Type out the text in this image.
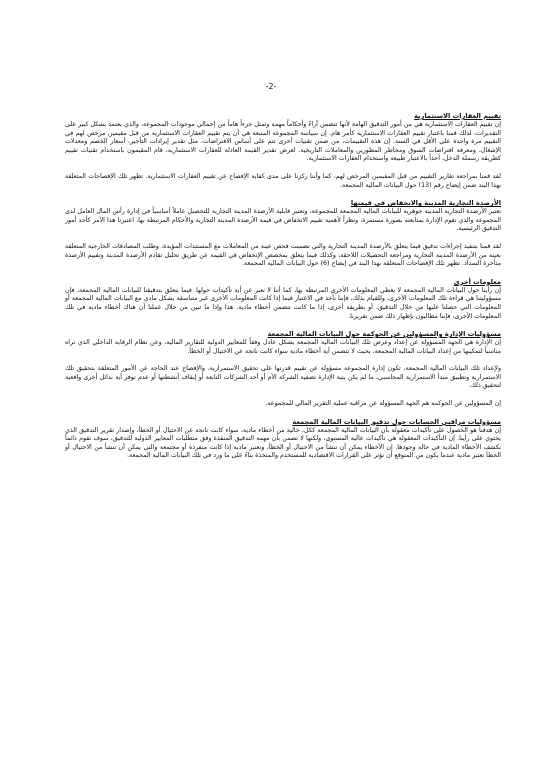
-2-
تقييم العقارات الاستثمارية

إن تقييم العقارات الاستثمارية هي من أمور التدقيق الهامة لأنها تتضمن آراءً وأحكاماً مهمة وتمثل جزءاً هاماً من إجمالي موجودات المجموعة، والذي يعتمد بشكل كبير على التقديرات، لذلك قمنا باعتبار تقييم العقارات الاستثمارية كأمر هام. إن سياسة المجموعة المتبعة هي أن يتم تقييم العقارات الاستثمارية من قبل مقيمين مرخص لهم في التقييم مرة واحدة على الأقل في السنة. إن هذه التقييمات، من ضمن تقنيات أخرى تتم على أساس الافتراضات، مثل تقدير إيرادات التأجير، أسعار الخصم ومعدلات الإشغال، ومعرفة افتراضات السوق ومخاطر المطورين والمعاملات التاريخية. لغرض تقدير القيمة العادلة للعقارات الاستثمارية، قام المقيمون باستخدام تقنيات تقييم كطريقة رسملة الدخل، أخذاً بالاعتبار طبيعة واستخدام العقارات الاستثمارية.

لقد قمنا بمراجعة تقارير التقييم من قبل المقيمين المرخص لهم، كما وأننا ركزنا على مدى كفاية الإفصاح عن تقييم العقارات الاستثمارية. تظهر تلك الإفصاحات المتعلقة بهذا البند ضمن إيضاح رقم (13) حول البيانات المالية المجمعة.

الأرصدة التجارية المدينة والانخفاض في قيمتها

تعتبر الأرصدة التجارية المدينة جوهرية للبيانات المالية المجمعة للمجموعة، وتعتبر قابلية الأرصدة المدينة التجارية للتحصيل عاملاً أساسياً في إدارة رأس المال العامل لدى المجموعة والذي تقوم الإدارة بمتابعته بصورة مستمرة، ونظراً لأهمية تقييم الانخفاض في قيمة الأرصدة المدينة التجارية والأحكام المرتبطة بها، اعتبرنا هذا الأمر كأحد أمور التدقيق الرئيسية.

لقد قمنا بتنفيذ إجراءات تدقيق فيما يتعلق بالأرصدة المدينة التجارية والتي تضمنت فحص عينة من المعاملات مع المستندات المؤيدة، وطلب المصادقات الخارجية المتعلقة بعينة من الأرصدة المدينة التجارية ومراجعة التحصيلات اللاحقة، وكذلك فيما يتعلق بمخصص الإنخفاض في القيمة عن طريق تحليل تقادم الأرصدة المدينة وتقييم الأرصدة متأخرة السداد. تظهر تلك الإفصاحات المتعلقة بهذا البند في إيضاح (6) حول البيانات المالية المجمعة.

معلومات أخرى

إن رأينا حول البيانات المالية المجمعة لا يغطي المعلومات الأخرى المرتبطة بها، كما أننا لا نعبر عن أية تأكيدات حولها. فيما يتعلق بتدقيقنا للبيانات المالية المجمعة، فإن مسؤوليتنا هي قراءة تلك المعلومات الأخرى، وللقيام بذلك، فإننا نأخذ في الاعتبار فيما إذا كانت المعلومات الأخرى غير متناسقة بشكل مادي مع البيانات المالية المجمعة أو المعلومات التي حصلنا عليها من خلال التدقيق، أو بطريقة أخرى، إذا ما كانت تتضمن أخطاء مادية. هذا وإذا ما تبين من خلال عملنا أن هناك أخطاء مادية في تلك المعلومات الأخرى، فإننا مطالبون بإظهار ذلك ضمن تقريرنا.

مسؤوليات الإدارة والمسؤولين عن الحوكمة حول البيانات المالية المجمعة

إن الإدارة هي الجهة المسؤولة عن إعداد وعرض تلك البيانات المالية المجمعة بشكل عادل وفقاً للمعايير الدولية للتقارير المالية، وعن نظام الرقابة الداخلي الذي تراه مناسباً لتمكينها من إعداد البيانات المالية المجمعة، بحيث لا تتضمن أية أخطاء مادية سواء كانت ناتجة عن الاحتيال أو الخطأ.

ولإعداد تلك البيانات المالية المجمعة، تكون إدارة المجموعة مسؤولة عن تقييم قدرتها على تحقيق الاستمرارية، والإفصاح عند الحاجة عن الأمور المتعلقة بتحقيق تلك الاستمرارية وتطبيق مبدأ الاستمرارية المحاسبي، ما لم يكن بنية الإدارة تصفية الشركة الأم أو أحد الشركات التابعة أو إيقاف أنشطتها أو عدم توفر أية بدائل أخرى واقعية لتحقيق ذلك.

إن المسؤولين عن الحوكمة هم الجهة المسؤولة عن مراقبة عملية التقرير المالي للمجموعة.

مسؤوليات مراقبي الحسابات حول تدقيق البيانات المالية المجمعة

إن هدفنا هو الحصول على تأكيدات معقولة بأن البيانات المالية المجمعة ككل، خالية من أخطاء مادية، سواء كانت ناتجة عن الاحتيال أو الخطأ، وإصدار تقرير التدقيق الذي يحتوي على رأينا. إن التأكيدات المعقولة هي تأكيدات عالية المستوى، ولكنها لا تضمن بأن مهمة التدقيق المنفذة وفق متطلبات المعايير الدولية للتدقيق، سوف تقوم دائماً بكشف الأخطاء المادية في حالة وجودها. إن الأخطاء يمكن أن تنشأ من الاحتيال أو الخطأ، وتعتبر مادية إذا كانت منفردة أو مجتمعة والتي يمكن أن تنشأ من الاحتيال أو الخطأ تعتبر مادية عندما يكون من المتوقع أن تؤثر على القرارات الاقتصادية للمستخدم والمتخذة بناءً على ما ورد في تلك البيانات المالية المجمعة.
